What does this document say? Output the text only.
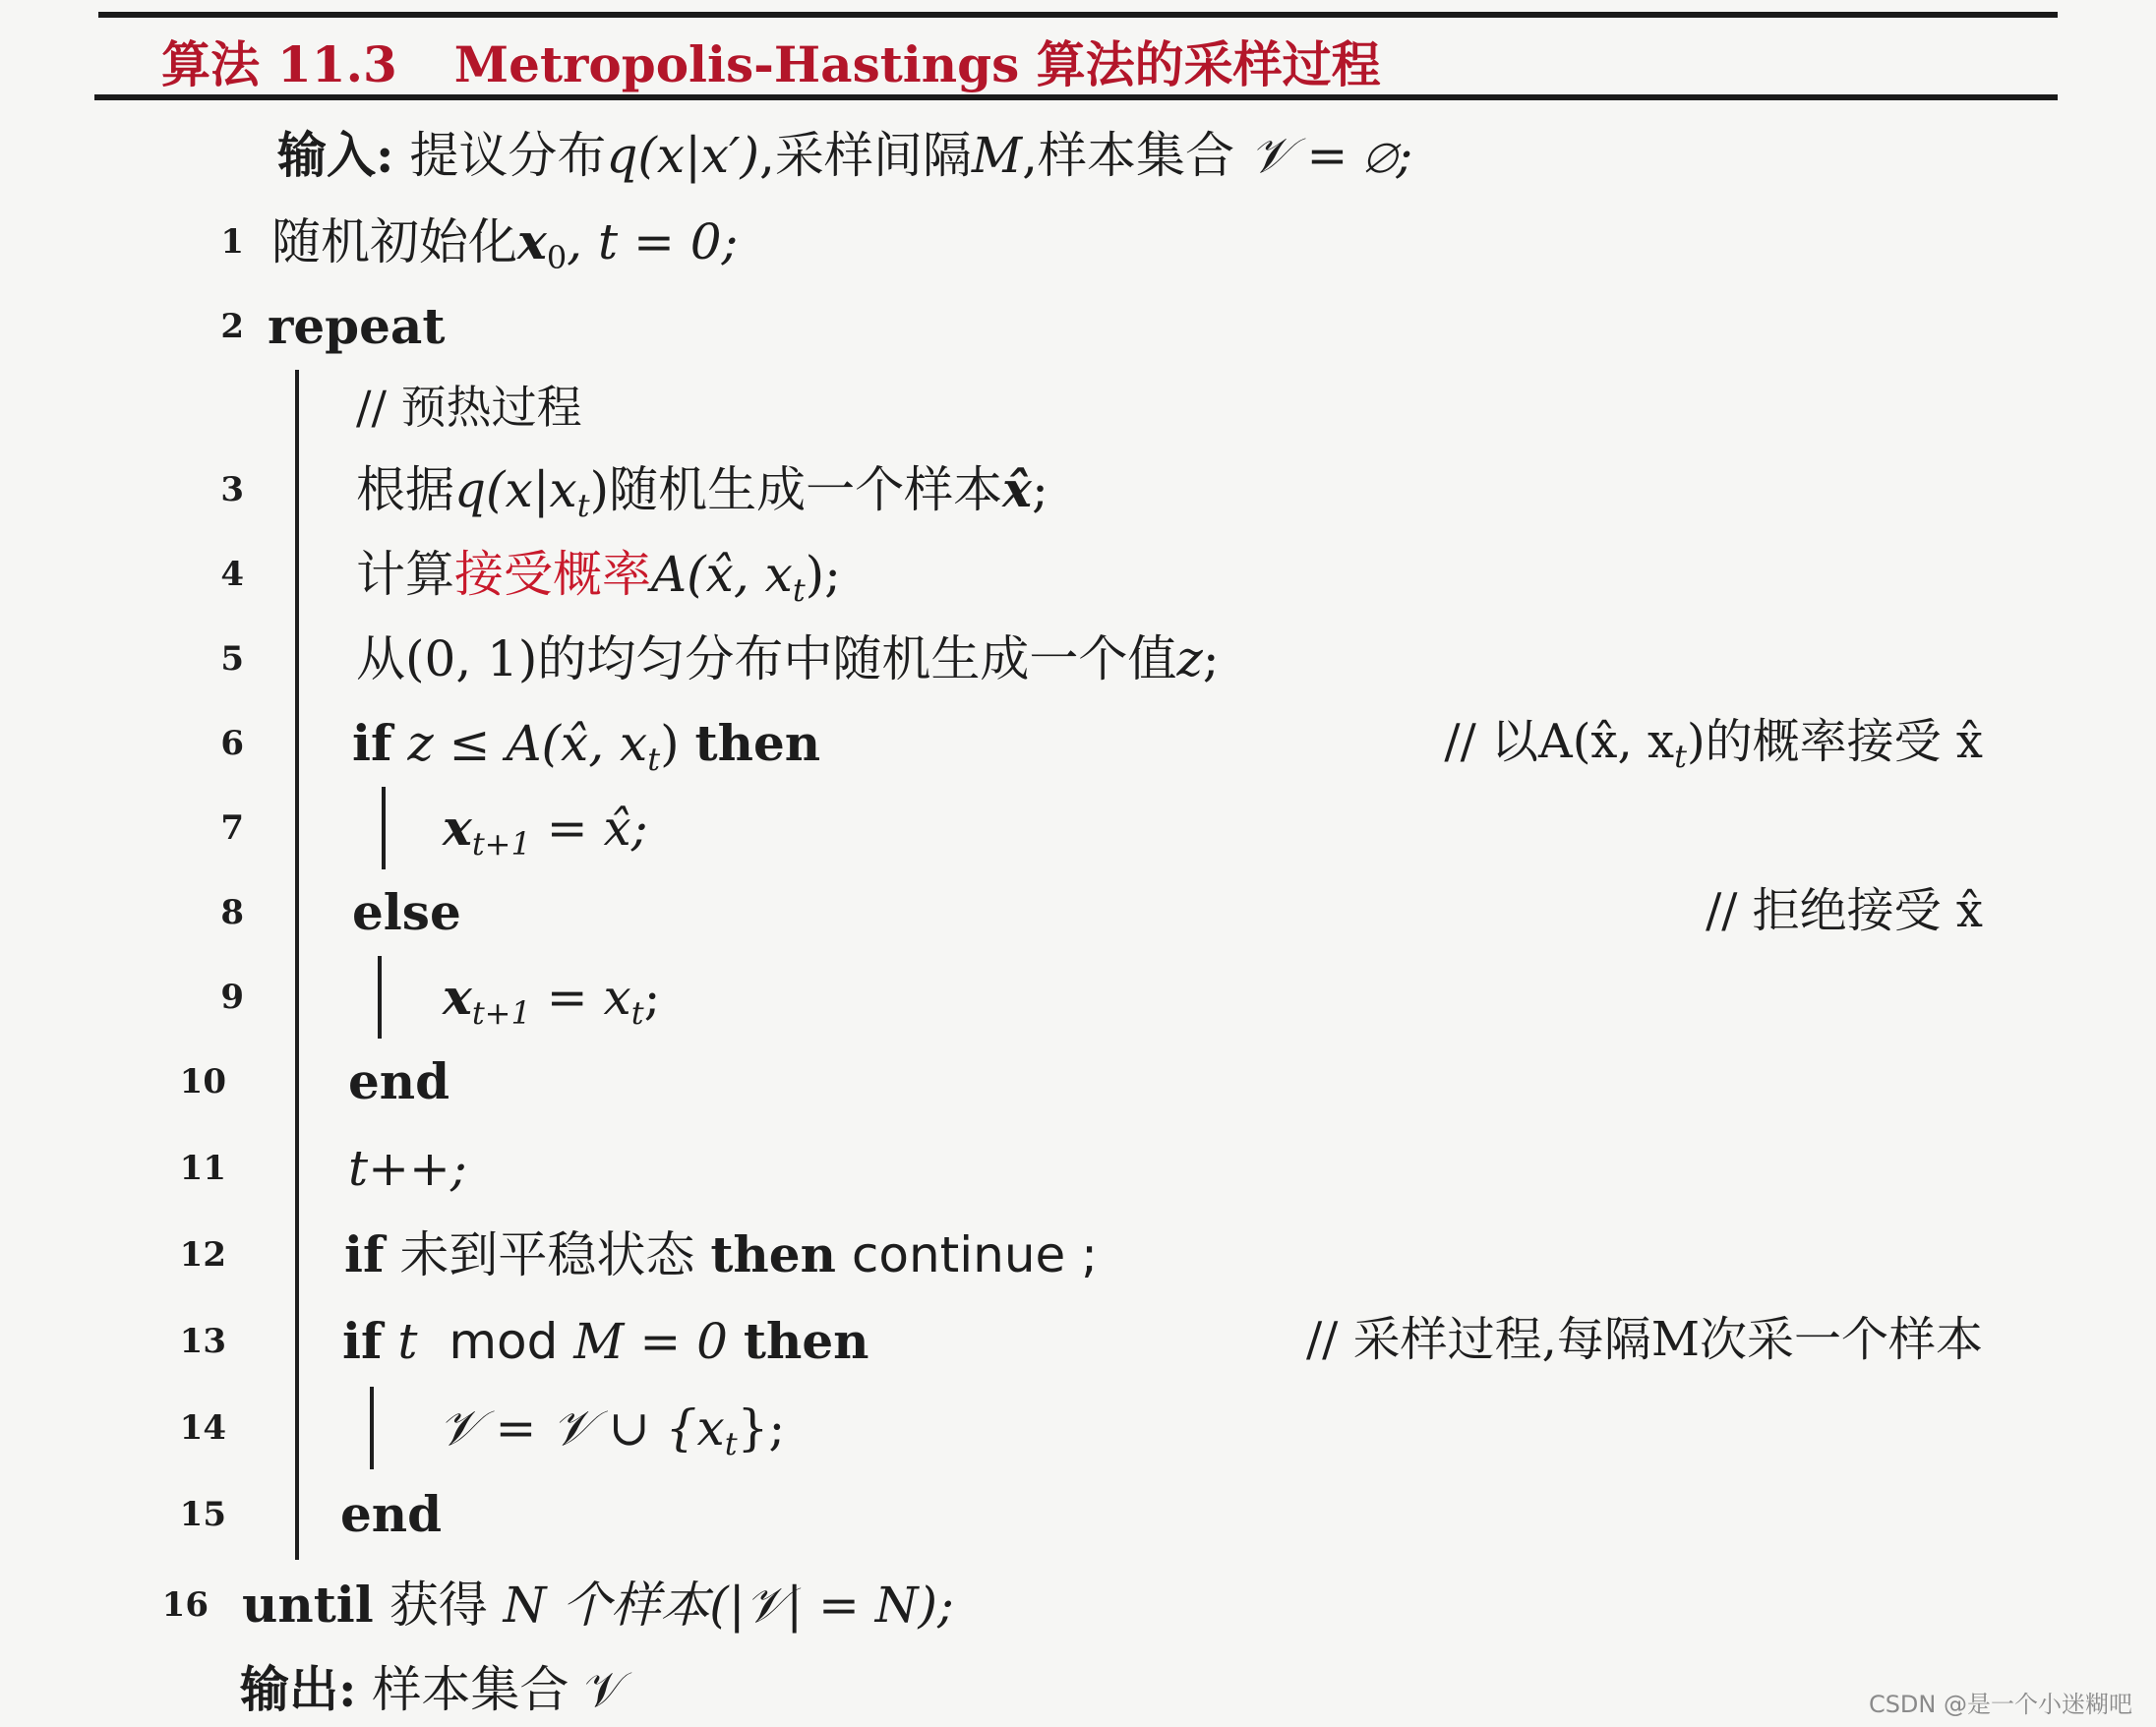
算法 11.3 Metropolis-Hastings 算法的采样过程
输入: 提议分布q(x|x′),采样间隔M,样本集合 𝒱 = ∅;
1 随机初始化$x_0$, t = 0;
2 repeat
// 预热过程
3 根据$q(x|x_t)$随机生成一个样本x̂;
4 计算接受概率A(x̂, $x_t$);
5 从(0, 1)的均匀分布中随机生成一个值z;
6 if z ≤ A(x̂, $x_t$) then	// 以A(x̂, $x_t$)的概率接受 x̂
7	$x_{t+1}$ = x̂;
8 else	// 拒绝接受 x̂
9	$x_{t+1} = x_t$;
10 end
11 t++;
12 if 未到平稳状态 then continue ;
13 if t mod M = 0 then	// 采样过程,每隔M次采一个样本
14	𝒱 = 𝒱 ∪ $\{x_t\}$;
15 end
16 until 获得 N 个样本(|𝒱| = N);
输出: 样本集合 𝒱	CSDN @是一个小迷糊吧
